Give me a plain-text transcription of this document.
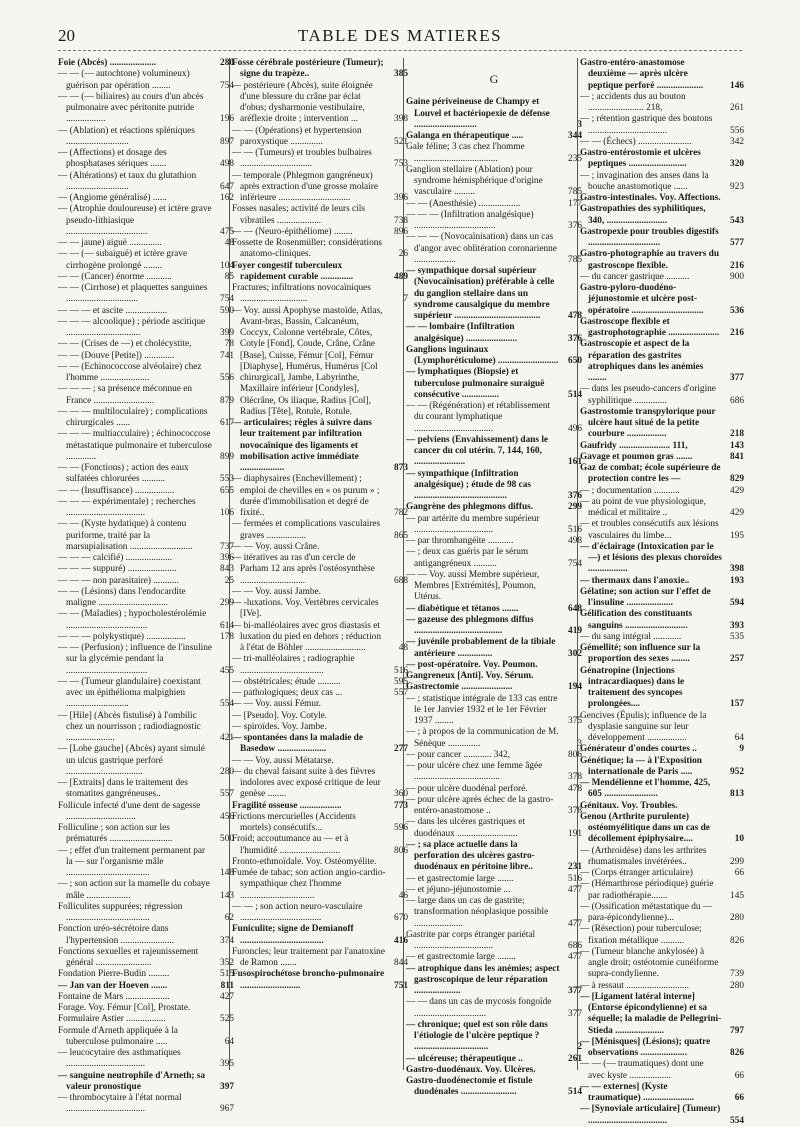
20	TABLE DES MATIERES
Foie (Abcès) ....................	280
— — (— autochtone) volumineux) guérison par opération ........	754
— — (— biliaires) au cours d'un abcès pulmonaire avec péritonite putride .................	196
— (Ablation) et réactions spléniques ...........................	897
— (Affections) et dosage des phosphatases sériques .......	498
— (Altérations) et taux du glutathion ...........................	647
— (Angiome généralisé) ......	162
— (Atrophie douloureuse) et ictère grave pseudo-lithiasique ...................................	475
— — jaune) aiguë ..............	48
— — (— subaiguë) et ictère grave cirrhogène prolongé ........	104
— — (Cancer) énorme ...........	85
— — (Cirrhose) et plaquettes sanguines ...............................	754
— — — et ascite ..................	590
— — — alcoolique) ; période ascitique ................................	399
— — (Crises de —) et cholécystite,	78
— — (Douve [Petite]) .............	741
— — (Echinococcose alvéolaire) chez l'homme .....................	556
— — — ; sa présence méconnue en France ..........................	879
— — — multiloculaire) ; complications chirurgicales ......	617
— — — multiacculaire) ; échinococcose métastatique pulmonaire et tuberculose .............	899
— — (Fonctions) ; action des eaux sulfatées chlorurées ..........	553
— — (Insuffisance) .................	655
— — — expérimentale) ; recherches ..................................	106
— — (Kyste hydatique) à contenu puriforme, traité par la marsupialisation ...........................	737
— — — calcifié) ....................	396
— — — suppuré) .....................	843
— — — non parasitaire) ...........	25
— — (Lésions) dans l'endocardite maligne ..............................	299
— — (Maladies) ; hypocholestérolémie ...................................	614
— — — polykystique) .................	178
— — (Perfusion) ; influence de l'insuline sur la glycémie pendant la ...................................	455
— — (Tumeur glandulaire) coexistant avec un épithélioma malpighien ...........................	554
— [Hile] (Abcès fistulisé) à l'ombilic chez un nourrisson ; radiodiagnostic .....................	421
— [Lobe gauche] (Abcès) ayant simulé un ulcus gastrique perforé .................................	280
— [Extraits] dans le traitement des stomatites gangréneuses..	557
Follicule infecté d'une dent de sagesse ..............................	456
Folliculine ; son action sur les prématurés ...........................	500
— ; effet d'un traitement permanent par la — sur l'organisme mâle ....................................	148
— ; son action sur la mamelle du cobaye mâle ...................	143
Folliculites suppurées; régression ....................................	62
Fonction uréo-sécrétoire dans l'hypertension .......................	374
Fonctions sexuelles et rajeunissement général ........................	352
Fondation Pierre-Budin .........	515
— Jan van der Hoeven .......	811
Fontaine de Mars ...................	427
Forage. Voy. Fémur [Col], Prostate.
Formulaire Astier .................	525
Formule d'Arneth appliquée à la tuberculose pulmonaire .....	64
— leucocytaire des asthmatiques ..................................	395
— sanguine neutrophile d'Arneth; sa valeur pronostique	397
— thrombocytaire à l'état normal ..................................	967
Fosse cérébrale postérieure (Tumeur); signe du trapèze..	385
— postérieure (Abcès), suite éloignée d'une blessure du crâne par éclat d'obus; dysharmonie vestibulaire, aréflexie droite ; intervention ...	398
— — (Opérations) et hypertension paroxystique ..............	521
— — (Tumeurs) et troubles bulbaires ...............................	753
— temporale (Phlegmon gangréneux) après extraction d'une grosse molaire inférieure ...............................	396
Fosses nasales; activité de leurs cils vibratiles ...................	738
— — (Neuro-épithéliome) ........	896
Fossette de Rosenmüller; considérations anatomo-cliniques.	26
Foyer congestif tuberculeux rapidement curable ..............	489
Fractures; infiltrations novocaïniques .............................	7
— Voy. aussi Apophyse mastoïde, Atlas, Avant-bras, Bassin, Calcanéum, Coccyx, Colonne vertébrale, Côtes, Cotyle [Fond], Coude, Crâne, Crâne [Base], Cuisse, Fémur [Col], Fémur [Diaphyse], Humérus, Humérus [Col chirurgical], Jambe, Labyrinthe, Maxillaire inférieur [Condyles], Olécrâne, Os iliaque, Radius [Col], Radius [Tête], Rotule, Rotule.
— articulaires; règles à suivre dans leur traitement par infiltration novocaïnique des ligaments et mobilisation active immédiate ...................	873
— diaphysaires (Enchevillement) ; emploi de chevilles en « os purum » ; durée d'immobilisation et degré de fixité..	782
— fermées et complications vasculaires graves .................	865
— — Voy. aussi Crâne.
— itératives au ras d'un cercle de Parham 12 ans après l'ostéosynthèse ............................	688
— — Voy. aussi Jambe.
— -luxations. Voy. Vertèbres cervicales [IVe].
— bi-malléolaires avec gros diastasis et luxation du pied en dehors ; réduction à l'état de Böhler ..........................	48
— tri-malléolaires ; radiographie ....................................	516
— obstétricales; étude ..........	595
— pathologiques; deux cas ...	557
— — Voy. aussi Fémur.
— [Pseudo]. Voy. Cotyle.
— spiroïdes. Voy. Jambe.
— spontanées dans la maladie de Basedow .....................	277
— — Voy. aussi Métatarse.
— du cheval faisant suite à des fièvres indolores avec exposé critique de leur genèse ........	360
Fragilité osseuse ..................	773
Frictions mercurielles (Accidents mortels) consécutifs...	596
Froid; accoutumance au — et à l'humidité ..........................	806
Fronto-ethmoïdale. Voy. Ostéomyélite.
Fumée de tabac; son action angio-cardio-sympathique chez l'homme ................................	46
— — ; son action neuro-vasculaire ...................................	670
Funiculite; signe de Demianoff ....................................	416
Furoncles; leur traitement par l'anatoxine de Ramon .......	844
Fusospirochétose broncho-pulmonaire ..........................	751
G
Gaine périveineuse de Champy et Louvel et bactériopexie de défense ...........................	3
Galanga en thérapeutique .....	344
Gale féline; 3 cas chez l'homme ....................................	235
Ganglion stellaire (Ablation) pour syndrome hémisphérique d'origine vasculaire .........	785
— — (Anesthésie) ..................	177
— — — (Infiltration analgésique) ...................................	376
— — — (Novocaïnisation) dans un cas d'angor avec oblitération coronarienne ..................	785
— sympathique dorsal supérieur (Novocaïnisation) préférable à celle du ganglion stellaire dans un syndrome causalgique du membre supérieur .....................................	478
— — lombaire (Infiltration analgésique) ......................	376
Ganglions inguinaux (Lymphoréticulome) .......................... 650
— lymphatiques (Biopsie) et tuberculose pulmonaire suraiguë consécutive ................	514
— — (Régénération) et rétablissement du courant lymphatique ..................................	496
— pelviens (Envahissement) dans le cancer du col utérin. 7, 144, 160, ......................	161
— sympathique (Infiltration analgésique) ; étude de 98 cas ........................................	376
Gangrène des phlegmons diffus.	299
— par artérite du membre supérieur ..................................	516
— par thrombangéite ...........	498
— ; deux cas guéris par le sérum antigangréneux ..........	754
— — Voy. aussi Membre supérieur, Membres [Extrémités], Poumon, Utérus.
— diabétique et tétanos .......	648
— gazeuse des phlegmons diffus ......................................	419
— juvénile probablement de la tibiale antérieure ...............	302
— post-opératoire. Voy. Poumon.
Gangreneux [Anti]. Voy. Sérum.
Gastrectomie ......................	194
— ; statistique intégrale de 133 cas entre le 1er Janvier 1932 et le 1er Février 1937 ........	375
— ; à propos de la communication de M. Sénèque ..............	3
— pour cancer ............ 342,	806
— pour ulcère chez une femme âgée .....................................	378
— pour ulcère duodénal perforé.	478
— pour ulcère après échec de la gastro-entéro-anastomose ..	378
— dans les ulcères gastriques et duodénaux ..........................	191
— ; sa place actuelle dans la perforation des ulcères gastro-duodénaux en péritoine libre..	231
— et gastrectomie large .......	516
— et jéjuno-jéjunostomie ...	477
— large dans un cas de gastrite; transformation néoplasique possible .....................	477
Gastrite par corps étranger pariétal ..................................	686
— et gastrectomie large ........	477
— atrophique dans les anémies; aspect gastroscopique de leur réparation ....................	377
— — dans un cas de mycosis fongoïde ...............................	377
— chronique; quel est son rôle dans l'étiologie de l'ulcère peptique ? ................................	2
— ulcéreuse; thérapeutique ..	261
Gastro-duodénaux. Voy. Ulcères.
Gastro-duodénectomie et fistule duodénales ........................	514
Gastro-entéro-anastomose deuxième — après ulcère peptique perforé ....................	146
— ; accidents dus au bouton ........................ 218,	261
— ; rétention gastrique des boutons ..................................	556
— — (Échecs) .......................	342
Gastro-entérostomie et ulcères peptiques .........................	320
— ; invagination des anses dans la bouche anastomotique ......	923
Gastro-intestinales. Voy. Affections.
Gastropathies des syphilitiques, 340, ..........................	543
Gastropexie pour troubles digestifs ...............................	577
Gastro-photographie au travers du gastroscope flexible.	216
— du cancer gastrique ..........	900
Gastro-pyloro-duodéno-jéjunostomie et ulcère post-opératoire ...............................	536
Gastroscope flexible et gastrophotographie ...................... 216
Gastroscopie et aspect de la réparation des gastrites atrophiques dans les anémies ........	377
— dans les pseudo-cancers d'origine syphilitique ..............	686
Gastrostomie transpylorique pour ulcère haut situé de la petite courbure .................	218
Gaufridy ...................... 111,	143
Gavage et poumon gras .......	841
Gaz de combat; école supérieure de protection contre les —	829
— ; documentation ...........	429
— au point de vue physiologique, médical et militaire ..	429
— et troubles consécutifs aux lésions vasculaires du limbe...	195
— d'éclairage (Intoxication par le —) et lésions des plexus choroïdes .................	398
— thermaux dans l'anoxie..	193
Gélatine; son action sur l'effet de l'insuline ....................	594
Gélification des constituants sanguins ...........................	393
— du sang intégral ............	535
Gémellité; son influence sur la proportion des sexes ........	257
Génatropine (Injections intracardiaques) dans le traitement des syncopes prolongées....	157
Gencives (Épulis); influence de la dysplasie sanguine sur leur développement .................	64
Générateur d'ondes courtes ..	9
Génétique; la — à l'Exposition internationale de Paris .....	952
— Mendélienne et l'homme, 425, 605 .......................	813
Génitaux. Voy. Troubles.
Genou (Arthrite purulente) ostéomyélitique dans un cas de décollement épiphysaire....	10
— (Arthroidèse) dans les arthrites rhumatismales invétérées..	299
— (Corps étranger articulaire)	66
— (Hémarthrose périodique) guérie par radiothérapie.......	145
— (Ossification métastatique du — para-épicondylienne)...	280
— (Résection) pour tuberculose; fixation métallique ..........	826
— (Tumeur blanche ankylosée) à angle droit; ostéotomie cunéiforme supra-condylienne.	739
— à ressaut ...........................	280
— [Ligament latéral interne] (Entorse épicondylienne) et sa séquelle; la maladie de Pellegrini-Stieda .....................	797
— [Ménisques] (Lésions); quatre observations ....................	826
— — (— traumatiques) dont une avec kyste ..................	66
— — externes] (Kyste traumatique) ......................	66
— [Synoviale articulaire] (Tumeur) ..................................	554
